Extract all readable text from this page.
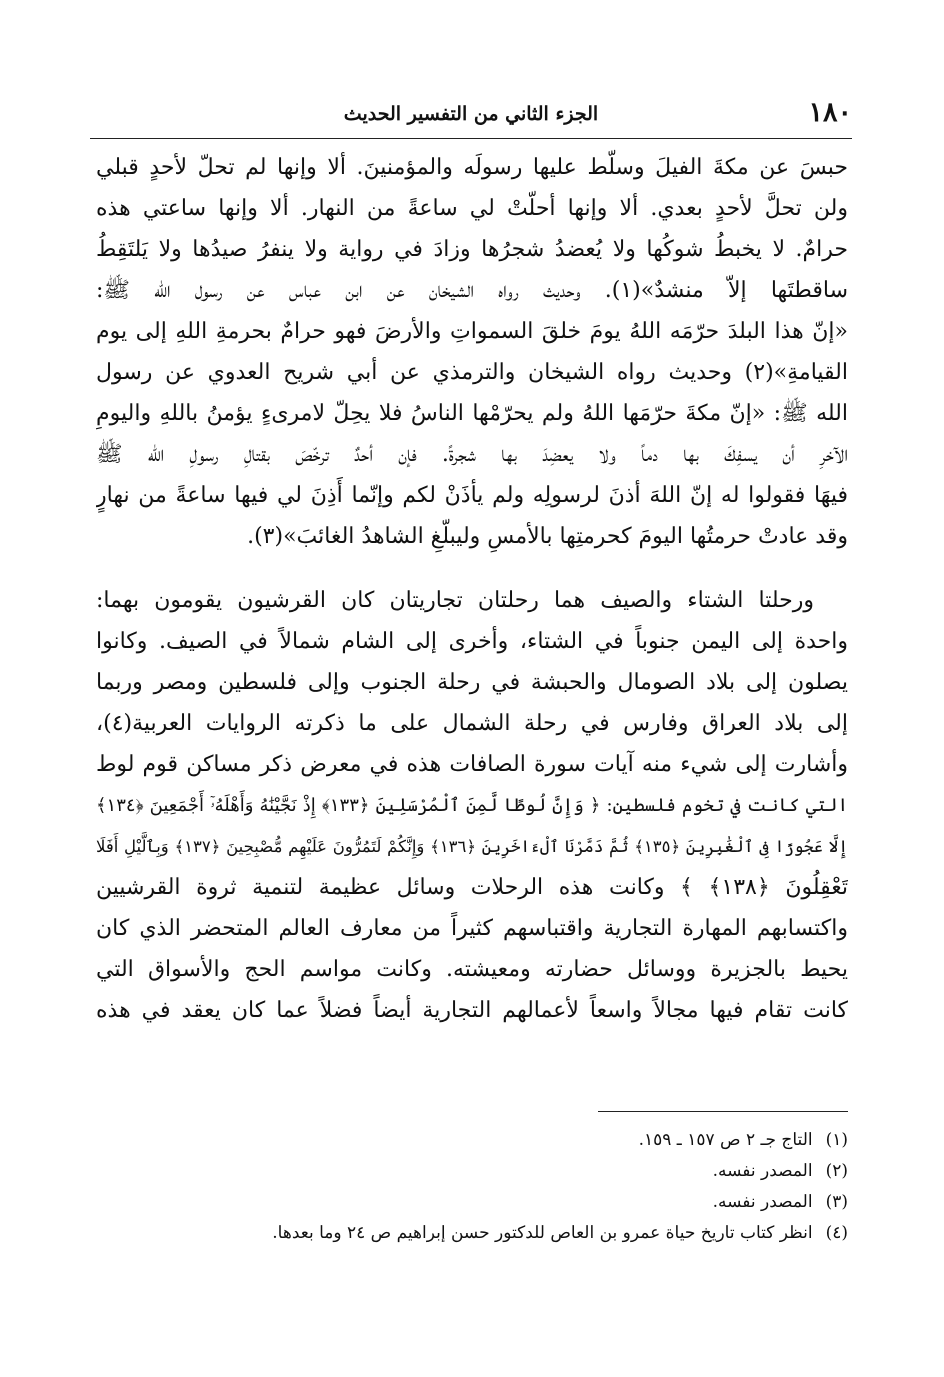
١٨٠
الجزء الثاني من التفسير الحديث
حبسَ عن مكةَ الفيلَ وسلّط عليها رسولَه والمؤمنينَ. ألا وإنها لم تحلّ لأحدٍ قبلي
ولن تحلَّ لأحدٍ بعدي. ألا وإنها أحلّتْ لي ساعةً من النهار. ألا وإنها ساعتي هذه
حرامٌ. لا يخبطُ شوكُها ولا يُعضدُ شجرُها وزادَ في رواية ولا ينفرُ صيدُها ولا يَلتَقِطُ
ساقطتَها إلاّ منشدٌ»(١). وحديث رواه الشيخان عن ابن عباس عن رسول الله ﷺ:
«إنّ هذا البلدَ حرّمَه اللهُ يومَ خلقَ السمواتِ والأرضَ فهو حرامٌ بحرمةِ اللهِ إلى يوم
القيامةِ»(٢) وحديث رواه الشيخان والترمذي عن أبي شريح العدوي عن رسول
الله ﷺ: «إنّ مكةَ حرّمَها اللهُ ولم يحرّمْها الناسُ فلا يحِلّ لامرىءٍ يؤمنُ باللهِ واليومِ
الآخرِ أن يسفِكَ بها دماً ولا يعضِدَ بها شجرةً. فإن أحدٌ ترخّصَ بقتالِ رسولِ الله ﷺ
فيهَا فقولوا له إنّ اللهَ أذنَ لرسولِه ولم يأذَنْ لكم وإنّما أَذِنَ لي فيها ساعةً من نهارٍ
وقد عادتْ حرمتُها اليومَ كحرمتِها بالأمسِ وليبلّغِ الشاهدُ الغائبَ»(٣).
ورحلتا الشتاء والصيف هما رحلتان تجاريتان كان القرشيون يقومون بهما:
واحدة إلى اليمن جنوباً في الشتاء، وأخرى إلى الشام شمالاً في الصيف. وكانوا
يصلون إلى بلاد الصومال والحبشة في رحلة الجنوب وإلى فلسطين ومصر وربما
إلى بلاد العراق وفارس في رحلة الشمال على ما ذكرته الروايات العربية(٤)،
وأشارت إلى شيء منه آيات سورة الصافات هذه في معرض ذكر مساكن قوم لوط
التي كانت في تخوم فلسطين: ﴿ وَإِنَّ لُوطًا لَّمِنَ ٱلْمُرْسَلِينَ ﴿١٣٣﴾ إِذْ نَجَّيْنَٰهُ وَأَهْلَهُۥٓ أَجْمَعِينَ ﴿١٣٤﴾
إِلَّا عَجُوزًا فِى ٱلْغَٰبِرِينَ ﴿١٣٥﴾ ثُمَّ دَمَّرْنَا ٱلْءَاخَرِينَ ﴿١٣٦﴾ وَإِنَّكُمْ لَتَمُرُّونَ عَلَيْهِم مُّصْبِحِينَ ﴿١٣٧﴾ وَبِٱلَّيْلِ أَفَلَا
تَعْقِلُونَ ﴿١٣٨﴾ ﴾ وكانت هذه الرحلات وسائل عظيمة لتنمية ثروة القرشيين
واكتسابهم المهارة التجارية واقتباسهم كثيراً من معارف العالم المتحضر الذي كان
يحيط بالجزيرة ووسائل حضارته ومعيشته. وكانت مواسم الحج والأسواق التي
كانت تقام فيها مجالاً واسعاً لأعمالهم التجارية أيضاً فضلاً عما كان يعقد في هذه
(١) التاج جـ ٢ ص ١٥٧ ـ ١٥٩.
(٢) المصدر نفسه.
(٣) المصدر نفسه.
(٤) انظر كتاب تاريخ حياة عمرو بن العاص للدكتور حسن إبراهيم ص ٢٤ وما بعدها.
